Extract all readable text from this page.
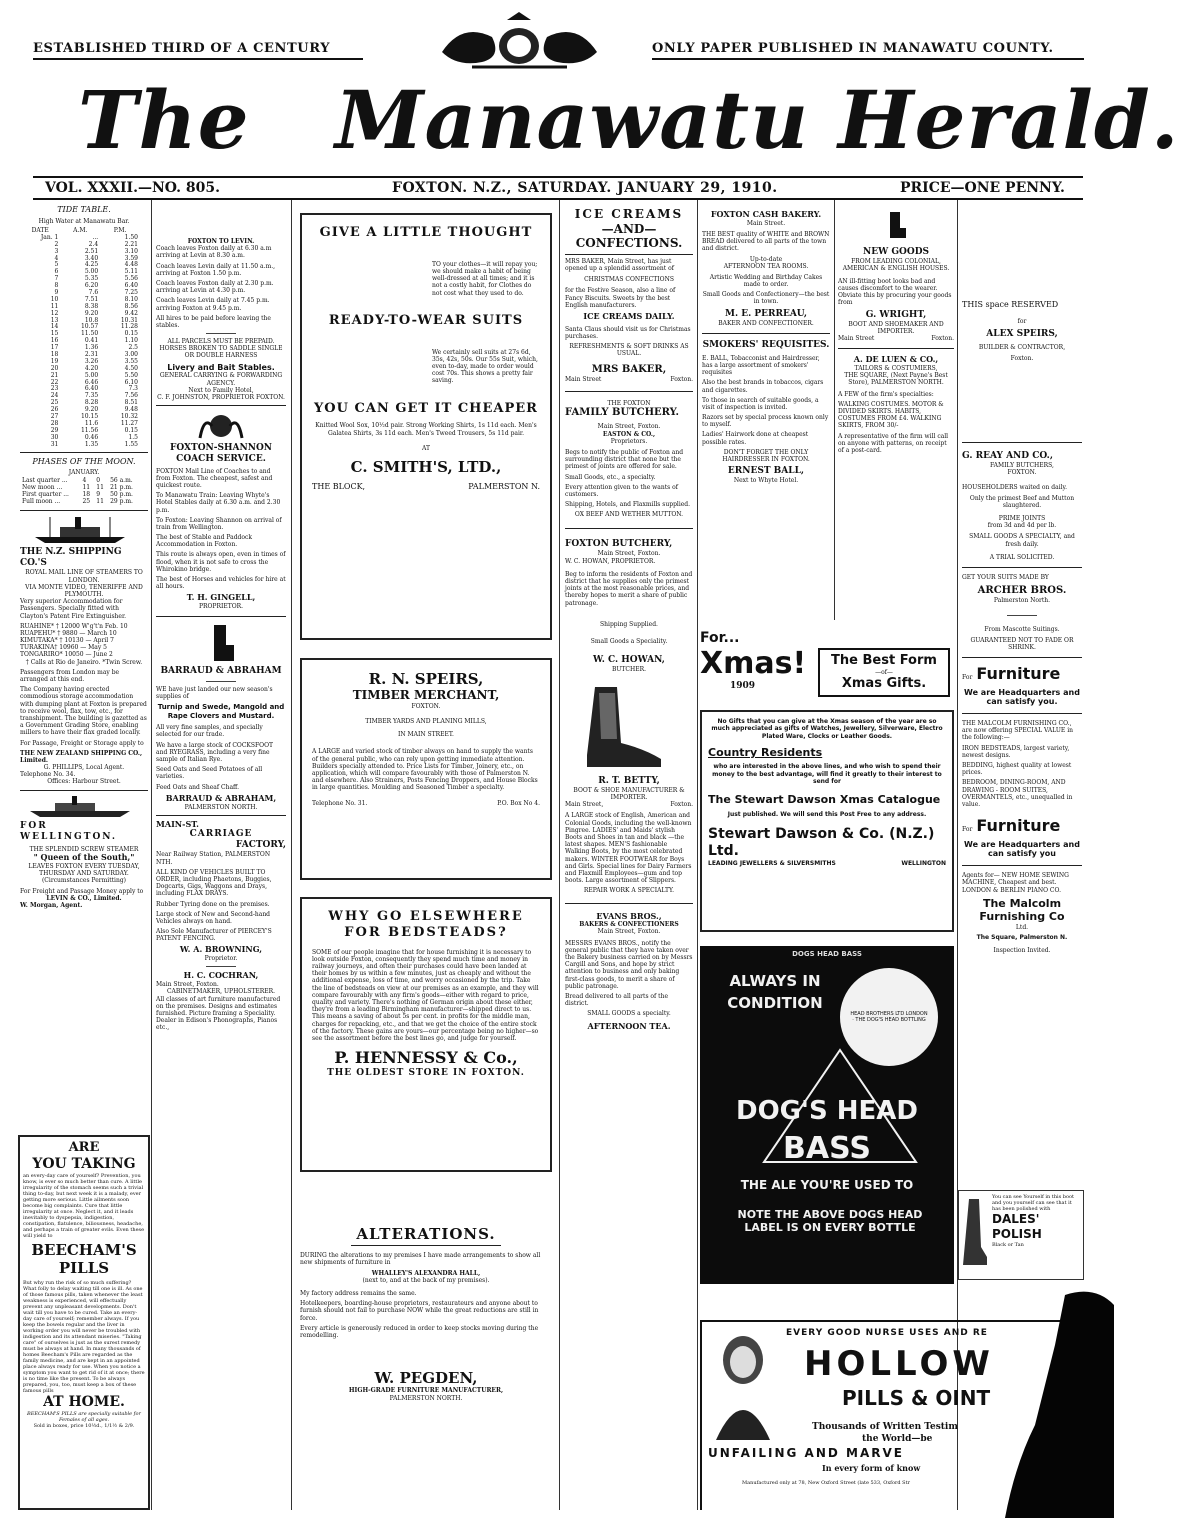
ESTABLISHED THIRD OF A CENTURY	ONLY PAPER PUBLISHED IN MANAWATU COUNTY.
The Manawatu Herald.
VOL. XXXII.—NO. 805.	FOXTON. N.Z., SATURDAY. JANUARY 29, 1910.	PRICE—ONE PENNY.
TIDE TABLE.
High Water at Manawatu Bar.
DATE	A.M.	P.M.
Jan. 1	...	1.50
2	2.4	2.21
3	2.51	3.10
4	3.40	3.59
5	4.25	4.48
6	5.00	5.11
7	5.35	5.56
8	6.20	6.40
9	7.6	7.25
10	7.51	8.10
11	8.38	8.56
12	9.20	9.42
13	10.8	10.31
14	10.57	11.28
15	11.50	0.15
16	0.41	1.10
17	1.36	2.5
18	2.31	3.00
19	3.26	3.55
20	4.20	4.50
21	5.00	5.50
22	6.46	6.10
23	6.40	7.3
24	7.35	7.56
25	8.28	8.51
26	9.20	9.48
27	10.15	10.32
28	11.6	11.27
29	11.56	0.15
30	0.46	1.5
31	1.35	1.55
PHASES OF THE MOON.
JANUARY.
Last quarter ...	4	0	56 a.m.
New moon ...	11	11	21 p.m.
First quarter ...	18	9	50 p.m.
Full moon ...	25	11	29 p.m.
THE N.Z. SHIPPING CO.'S
ROYAL MAIL LINE OF STEAMERS TO LONDON.
VIA MONTE VIDEO, TENERIFFE AND PLYMOUTH.

Very superior Accommodation for Passengers. Specially fitted with Clayton's Patent Fire Extinguisher.

RUAHINE* † 12000 W'g't'n Feb. 10
RUAPEHU* † 9880 — March 10
KIMUTAKA* † 10130 — April 7
TURAKINA† 10960 — May 5
TONGARIRO* 10050 — June 2

† Calls at Rio de Janeiro. *Twin Screw.

Passengers from London may be arranged at this end.

The Company having erected commodious storage accommodation with dumping plant at Foxton is prepared to receive wool, flax, tow, etc., for transhipment. The building is gazetted as a Government Grading Store, enabling millers to have their flax graded locally.

For Passage, Freight or Storage apply to

THE NEW ZEALAND SHIPPING CO., Limited.
G. PHILLIPS, Local Agent.
Telephone No. 34.
Offices: Harbour Street.
FOR WELLINGTON.
THE SPLENDID SCREW STEAMER
" Queen of the South,"
LEAVES FOXTON EVERY TUESDAY, THURSDAY AND SATURDAY.
(Circumstances Permitting)
For Freight and Passage Money apply to
LEVIN & CO., Limited.
W. Morgan, Agent.
ARE
YOU TAKING
an every-day care of yourself? Prevention, you know, is ever so much better than cure. A little irregularity of the stomach seems such a trivial thing to-day, but next week it is a malady, ever getting more serious. Little ailments soon become big complaints. Cure that little irregularity at once. Neglect it, and it leads inevitably to dyspepsia, indigestion, constipation, flatulence, biliousness, headache, and perhaps a train of greater evils. Even these will yield to
BEECHAM'S PILLS
But why run the risk of so much suffering? What folly to delay waiting till one is ill. As one of those famous pills, taken whenever the least weakness is experienced, will effectually prevent any unpleasant developments. Don't wait till you have to be cured. Take an every-day care of yourself; remember always. If you keep the bowels regular and the liver in working order you will never be troubled with indigestion and its attendant miseries. "Taking care" of ourselves is just as the surest remedy must be always at hand. In many thousands of homes Beecham's Pills are regarded as the family medicine, and are kept in an appointed place always ready for use. When you notice a symptom you want to get rid of it at once; there is no time like the present. To be always prepared, you, too, must keep a box of these famous pills
AT HOME.
BEECHAM'S PILLS are specially suitable for Females of all ages.
Sold in boxes, price 10½d., 1/1½ & 2/9.
FOXTON TO LEVIN.

Coach leaves Foxton daily at 6.30 a.m arriving at Levin at 8.30 a.m.

Coach leaves Levin daily at 11.50 a.m., arriving at Foxton 1.50 p.m.

Coach leaves Foxton daily at 2.30 p.m. arriving at Levin at 4.30 p.m.

Coach leaves Levin daily at 7.45 p.m. arriving Foxton at 9.45 p.m.

All hires to be paid before leaving the stables.

ALL PARCELS MUST BE PREPAID.
HORSES BROKEN TO SADDLE SINGLE OR DOUBLE HARNESS
Livery and Bait Stables.
GENERAL CARRYING & FORWARDING AGENCY.
Next to Family Hotel,
C. F. JOHNSTON, PROPRIETOR FOXTON.
FOXTON-SHANNON COACH SERVICE.

FOXTON Mail Line of Coaches to and from Foxton. The cheapest, safest and quickest route.

To Manawatu Train: Leaving Whyte's Hotel Stables daily at 6.30 a.m. and 2.30 p.m.

To Foxton: Leaving Shannon on arrival of train from Wellington.

The best of Stable and Paddock Accommodation in Foxton.

This route is always open, even in times of flood, when it is not safe to cross the Whirokino bridge.

The best of Horses and vehicles for hire at all hours.

T. H. GINGELL,
PROPRIETOR.
BARRAUD & ABRAHAM

WE have just landed our new season's supplies of

Turnip and Swede, Mangold and Rape Clovers and Mustard.

All very fine samples, and specially selected for our trade.

We have a large stock of COCKSFOOT and RYEGRASS, including a very fine sample of Italian Rye.

Seed Oats and Seed Potatoes of all varieties.

Feed Oats and Sheaf Chaff.

BARRAUD & ABRAHAM,
PALMERSTON NORTH.
MAIN-ST.
CARRIAGE
FACTORY,

Near Railway Station, PALMERSTON NTH.

ALL KIND OF VEHICLES BUILT TO ORDER, including Phaetons, Buggies, Dogcarts, Gigs, Waggons and Drays, including FLAX DRAYS.

Rubber Tyring done on the premises.

Large stock of New and Second-hand Vehicles always on hand.

Also Sole Manufacturer of PIERCEY'S PATENT FENCING.

W. A. BROWNING,
Proprietor.
H. C. COCHRAN,
Main Street, Foxton.
CABINETMAKER, UPHOLSTERER.

All classes of art furniture manufactured on the premises. Designs and estimates furnished. Picture framing a Speciality. Dealer in Edison's Phonographs, Pianos etc.,

GIVE A LITTLE THOUGHT

TO your clothes—it will repay you; we should make a habit of being well-dressed at all times; and it is not a costly habit, for Clothes do not cost what they used to do.

READY-TO-WEAR SUITS

We certainly sell suits at 27s 6d, 35s, 42s, 50s. Our 55s Suit, which, even to-day, made to order would cost 70s. This shows a pretty fair saving.

YOU CAN GET IT CHEAPER

Knitted Wool Sox, 10½d pair. Strong Working Shirts, 1s 11d each. Men's Galatea Shirts, 3s 11d each. Men's Tweed Trousers, 5s 11d pair.

AT
C. SMITH'S, LTD.,
THE BLOCK,	PALMERSTON N.
R. N. SPEIRS,
TIMBER MERCHANT,
FOXTON.
TIMBER YARDS AND PLANING MILLS,
IN MAIN STREET.

A LARGE and varied stock of timber always on hand to supply the wants of the general public, who can rely upon getting immediate attention. Builders specially attended to. Price Lists for Timber, Joinery, etc., on application, which will compare favourably with those of Palmerston N. and elsewhere. Also Strainers, Posts Fencing Droppers, and House Blocks in large quantities. Moulding and Seasoned Timber a specialty.

Telephone No. 31.	P.O. Box No 4.
WHY GO ELSEWHERE FOR BEDSTEADS?

SOME of our people imagine that for house furnishing it is necessary to look outside Foxton, consequently they spend much time and money in railway journeys, and often their purchases could have been landed at their homes by us within a few minutes, just as cheaply and without the additional expense, loss of time, and worry occasioned by the trip. Take the line of bedsteads on view at our premises as an example, and they will compare favourably with any firm's goods—either with regard to price, quality and variety. There's nothing of German origin about these either, they're from a leading Birmingham manufacturer—shipped direct to us. This means a saving of about 5s per cent. in profits for the middle man, charges for repacking, etc., and that we get the choice of the entire stock of the factory. These gains are yours—our percentage being no higher—so see the assortment before the best lines go, and judge for yourself.

P. HENNESSY & Co.,
THE OLDEST STORE IN FOXTON.
ALTERATIONS.

DURING the alterations to my premises I have made arrangements to show all new shipments of furniture in

WHALLEY'S ALEXANDRA HALL,
(next to, and at the back of my premises).

My factory address remains the same.

Hotelkeepers, boarding-house proprietors, restaurateurs and anyone about to furnish should not fail to purchase NOW while the great reductions are still in force.

Every article is generously reduced in order to keep stocks moving during the remodelling.

W. PEGDEN,
HIGH-GRADE FURNITURE MANUFACTURER,
PALMERSTON NORTH.
ICE CREAMS
—AND—
CONFECTIONS.

MRS BAKER, Main Street, has just opened up a splendid assortment of

CHRISTMAS CONFECTIONS

for the Festive Season, also a line of Fancy Biscuits. Sweets by the best English manufacturers.

ICE CREAMS DAILY.

Santa Claus should visit us for Christmas purchases.

REFRESHMENTS & SOFT DRINKS AS USUAL.
MRS BAKER,
Main Street	Foxton.
THE FOXTON
FAMILY BUTCHERY.
Main Street, Foxton.
EASTON & CO.,
Proprietors.

Begs to notify the public of Foxton and surrounding district that none but the primest of joints are offered for sale.

Small Goods, etc., a specialty.

Every attention given to the wants of customers.

Shipping, Hotels, and Flaxmills supplied.

OX BEEF AND WETHER MUTTON.
FOXTON BUTCHERY,
Main Street, Foxton.
W. C. HOWAN, PROPRIETOR.

Beg to inform the residents of Foxton and district that he supplies only the primest joints at the most reasonable prices, and thereby hopes to merit a share of public patronage.

Shipping Supplied.
Small Goods a Speciality.
W. C. HOWAN,
BUTCHER.
R. T. BETTY,
BOOT & SHOE MANUFACTURER & IMPORTER.
Main Street,	Foxton.

A LARGE stock of English, American and Colonial Goods, including the well-known Pingree. LADIES' and Maids' stylish Boots and Shoes in tan and black —the latest shapes. MEN'S fashionable Walking Boots, by the most celebrated makers. WINTER FOOTWEAR for Boys and Girls. Special lines for Dairy Farmers and Flaxmill Employees—gum and top boots. Large assortment of Slippers.

REPAIR WORK A SPECIALTY.
EVANS BROS.,
BAKERS & CONFECTIONERS
Main Street, Foxton.

MESSRS EVANS BROS., notify the general public that they have taken over the Bakery business carried on by Messrs Cargill and Sons, and hope by strict attention to business and only baking first-class goods, to merit a share of public patronage.

Bread delivered to all parts of the district.

SMALL GOODS a specialty.
AFTERNOON TEA.
FOXTON CASH BAKERY.
Main Street.

THE BEST quality of WHITE and BROWN BREAD delivered to all parts of the town and district.

Up-to-date
AFTERNOON TEA ROOMS.

Artistic Wedding and Birthday Cakes made to order.

Small Goods and Confectionery—the best in town.

M. E. PERREAU,
BAKER AND CONFECTIONER.
SMOKERS' REQUISITES.

E. BALL, Tobacconist and Hairdresser, has a large assortment of smokers' requisites

Also the best brands in tobaccos, cigars and cigarettes.

To those in search of suitable goods, a visit of inspection is invited.

Razors set by special process known only to myself.

Ladies' Hairwork done at cheapest possible rates.

DON'T FORGET THE ONLY HAIRDRESSER IN FOXTON.

ERNEST BALL,
Next to Whyte Hotel.
NEW GOODS
FROM LEADING COLONIAL, AMERICAN & ENGLISH HOUSES.

AN ill-fitting boot looks bad and causes discomfort to the wearer. Obviate this by procuring your goods from

G. WRIGHT,
BOOT AND SHOEMAKER AND IMPORTER.
Main Street	Foxton.
A. DE LUEN & CO.,
TAILORS & COSTUMIERS,
THE SQUARE, (Next Payne's Best Store), PALMERSTON NORTH.

A FEW of the firm's specialties:

WALKING COSTUMES. MOTOR & DIVIDED SKIRTS. HABITS, COSTUMES FROM £4. WALKING SKIRTS, FROM 30/-

A representative of the firm will call on anyone with patterns, on receipt of a post-card.

For...
Xmas!
1909
The Best Form
—of—
Xmas Gifts.
No Gifts that you can give at the Xmas season of the year are so much appreciated as gifts of Watches, Jewellery, Silverware, Electro Plated Ware, Clocks or Leather Goods.
Country Residents
who are interested in the above lines, and who wish to spend their money to the best advantage, will find it greatly to their interest to send for
The Stewart Dawson Xmas Catalogue
Just published. We will send this Post Free to any address.
Stewart Dawson & Co. (N.Z.) Ltd.
LEADING JEWELLERS & SILVERSMITHS	WELLINGTON
DOGS HEAD BASS
ALWAYS IN CONDITION
HEAD BROTHERS LTD LONDON · THE DOG'S HEAD BOTTLING
DOG'S HEAD
BASS
THE ALE YOU'RE USED TO
NOTE THE ABOVE DOGS HEAD LABEL IS ON EVERY BOTTLE
EVERY GOOD NURSE USES AND RE
HOLLOW
PILLS & OINT
Thousands of Written Testim
the World—be
UNFAILING AND MARVE
In every form of know
Manufactured only at 78, New Oxford Street (late 533, Oxford Str
THIS space RESERVED
for
ALEX SPEIRS,
BUILDER & CONTRACTOR,
Foxton.
G. REAY AND CO.,
FAMILY BUTCHERS,
FOXTON.

HOUSEHOLDERS waited on daily.

Only the primest Beef and Mutton slaughtered.

PRIME JOINTS
from 3d and 4d per lb.
SMALL GOODS A SPECIALTY, and fresh daily.
A TRIAL SOLICITED.
GET YOUR SUITS MADE BY
ARCHER BROS.
Palmerston North.
From Mascotte Suitings.
GUARANTEED NOT TO FADE OR SHRINK.
For Furniture
We are Headquarters and can satisfy you.

THE MALCOLM FURNISHING CO., are now offering SPECIAL VALUE in the following:—

IRON BEDSTEADS, largest variety, newest designs.

BEDDING, highest quality at lowest prices.

BEDROOM, DINING-ROOM, AND DRAWING - ROOM SUITES, OVERMANTELS, etc., unequalled in value.

For Furniture
We are Headquarters and can satisfy you

Agents for— NEW HOME SEWING MACHINE, Cheapest and best. LONDON & BERLIN PIANO CO.

The Malcolm Furnishing Co
Ltd.
The Square, Palmerston N.
Inspection Invited.
You can see Yourself in this boot and you yourself can see that it has been polished with
DALES' POLISH
Black or Tan
